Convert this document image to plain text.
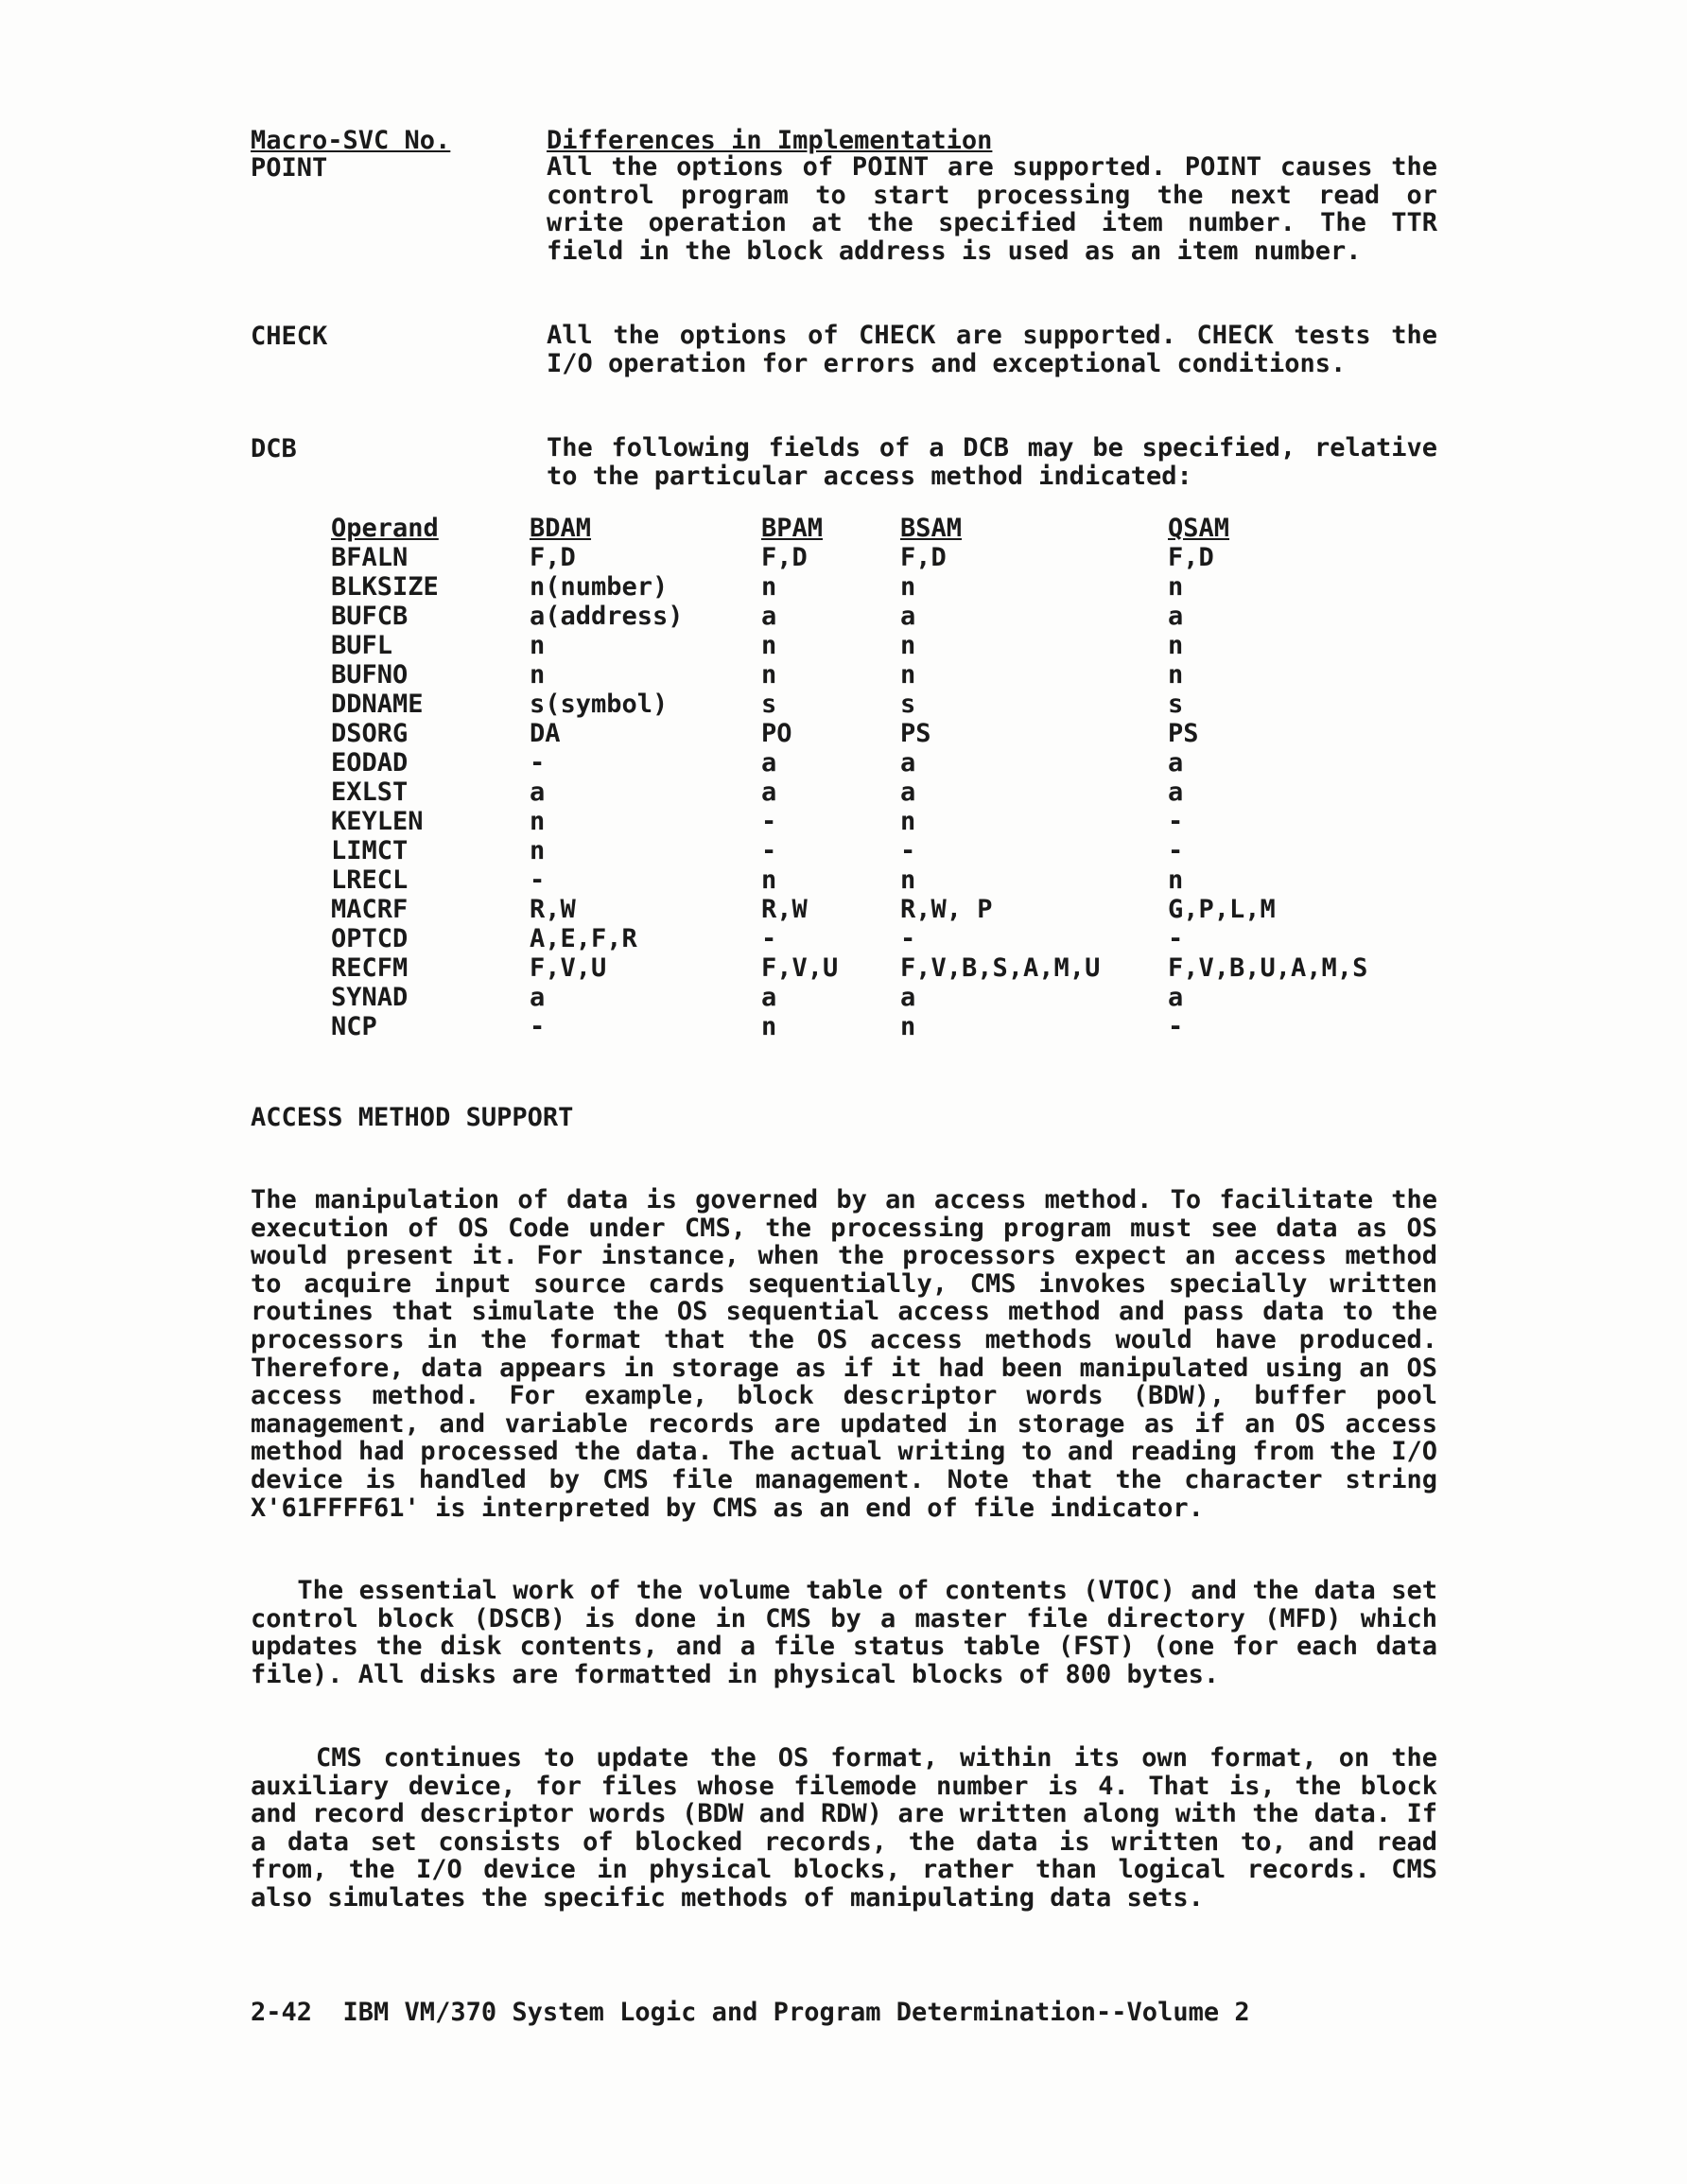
Macro-SVC No.	Differences in Implementation
POINT	All the options of POINT are supported. POINT causes the control program to start processing the next read or write operation at the specified item number. The TTR field in the block address is used as an item number.
CHECK	All the options of CHECK are supported. CHECK tests the I/O operation for errors and exceptional conditions.
DCB	The following fields of a DCB may be specified, relative to the particular access method indicated:
Operand	BDAM	BPAM	BSAM	QSAM
BFALN	F,D	F,D	F,D	F,D
BLKSIZE	n(number)	n	n	n
BUFCB	a(address)	a	a	a
BUFL	n	n	n	n
BUFNO	n	n	n	n
DDNAME	s(symbol)	s	s	s
DSORG	DA	PO	PS	PS
EODAD	-	a	a	a
EXLST	a	a	a	a
KEYLEN	n	-	n	-
LIMCT	n	-	-	-
LRECL	-	n	n	n
MACRF	R,W	R,W	R,W, P	G,P,L,M
OPTCD	A,E,F,R	-	-	-
RECFM	F,V,U	F,V,U	F,V,B,S,A,M,U	F,V,B,U,A,M,S
SYNAD	a	a	a	a
NCP	-	n	n	-
ACCESS METHOD SUPPORT
The manipulation of data is governed by an access method. To facilitate the execution of OS Code under CMS, the processing program must see data as OS would present it. For instance, when the processors expect an access method to acquire input source cards sequentially, CMS invokes specially written routines that simulate the OS sequential access method and pass data to the processors in the format that the OS access methods would have produced. Therefore, data appears in storage as if it had been manipulated using an OS access method. For example, block descriptor words (BDW), buffer pool management, and variable records are updated in storage as if an OS access method had processed the data. The actual writing to and reading from the I/O device is handled by CMS file management. Note that the character string X'61FFFF61' is interpreted by CMS as an end of file indicator.
The essential work of the volume table of contents (VTOC) and the data set control block (DSCB) is done in CMS by a master file directory (MFD) which updates the disk contents, and a file status table (FST) (one for each data file). All disks are formatted in physical blocks of 800 bytes.
CMS continues to update the OS format, within its own format, on the auxiliary device, for files whose filemode number is 4. That is, the block and record descriptor words (BDW and RDW) are written along with the data. If a data set consists of blocked records, the data is written to, and read from, the I/O device in physical blocks, rather than logical records. CMS also simulates the specific methods of manipulating data sets.
2-42  IBM VM/370 System Logic and Program Determination--Volume 2
